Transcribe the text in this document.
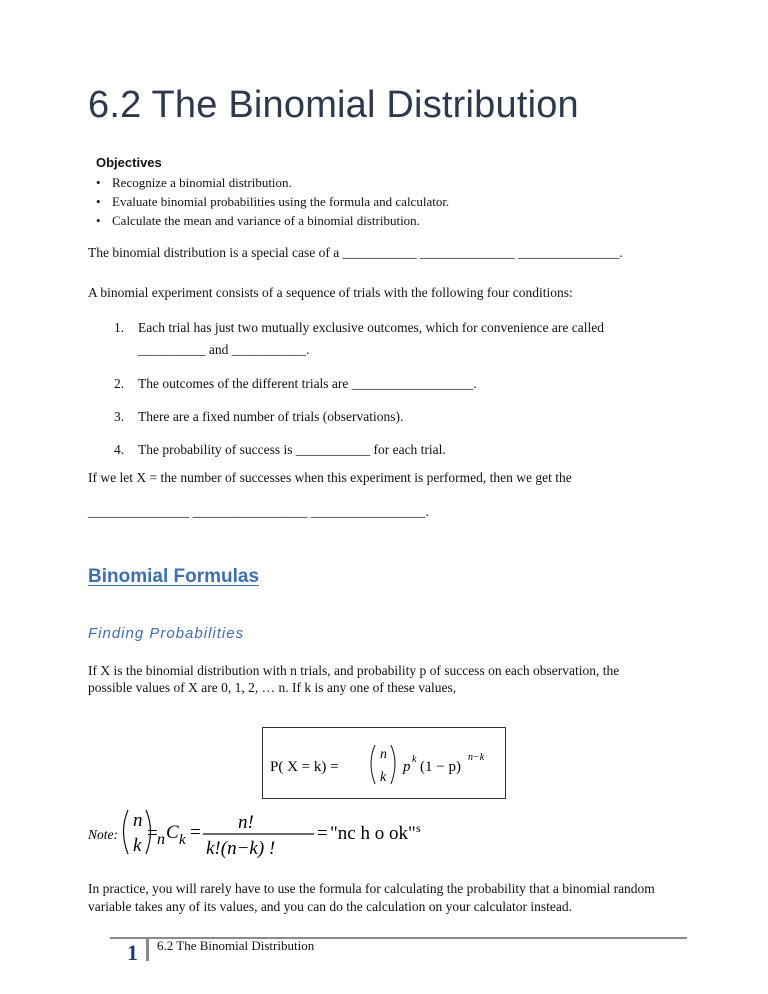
6.2 The Binomial Distribution
Objectives
• Recognize a binomial distribution.
• Evaluate binomial probabilities using the formula and calculator.
• Calculate the mean and variance of a binomial distribution.
The binomial distribution is a special case of a ___________ ______________ _______________.
A binomial experiment consists of a sequence of trials with the following four conditions:
1. Each trial has just two mutually exclusive outcomes, which for convenience are called
__________ and ___________.
2. The outcomes of the different trials are __________________.
3. There are a fixed number of trials (observations).
4. The probability of success is ___________ for each trial.
If we let X = the number of successes when this experiment is performed, then we get the
_______________ _________________ _________________.
Binomial Formulas
Finding Probabilities
If X is the binomial distribution with n trials, and probability p of success on each observation, the
possible values of X are 0, 1, 2, … n. If k is any one of these values,
P( X = k) =
n
k
p k (1 − p)
n−k
Note:
n
k
= n C k = n!
k!(n−k) !
= "nc h o ok" s
In practice, you will rarely have to use the formula for calculating the probability that a binomial random
variable takes any of its values, and you can do the calculation on your calculator instead.
1 6.2 The Binomial Distribution
